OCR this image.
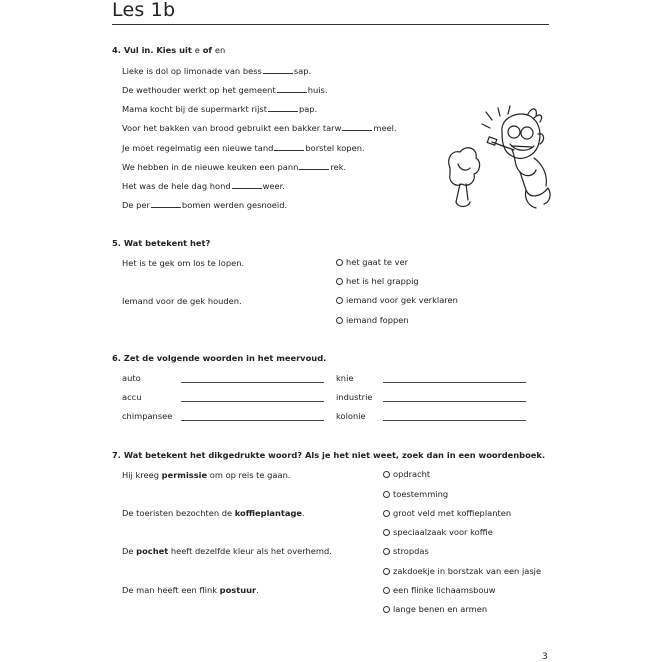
Les 1b
4. Vul in. Kies uit e of en
Lieke is dol op limonade van bess	sap.
De wethouder werkt op het gemeent	huis.
Mama kocht bij de supermarkt rijst	pap.
Voor het bakken van brood gebruikt een bakker tarw	meel.
Je moet regelmatig een nieuwe tand	borstel kopen.
We hebben in de nieuwe keuken een pann	rek.
Het was de hele dag hond	weer.
De per	bomen werden gesnoeid.
5. Wat betekent het?
Het is te gek om los te lopen.	het gaat te ver
het is hel grappig
Iemand voor de gek houden.	iemand voor gek verklaren
iemand foppen
6. Zet de volgende woorden in het meervoud.
auto	knie
accu	industrie
chimpansee	kolonie
7. Wat betekent het dikgedrukte woord? Als je het niet weet, zoek dan in een woordenboek.
Hij kreeg permissie om op reis te gaan.	opdracht
toestemming
De toeristen bezochten de koffieplantage.	groot veld met koffieplanten
speciaalzaak voor koffie
De pochet heeft dezelfde kleur als het overhemd.	stropdas
zakdoekje in borstzak van een jasje
De man heeft een flink postuur.	een flinke lichaamsbouw
lange benen en armen
3
